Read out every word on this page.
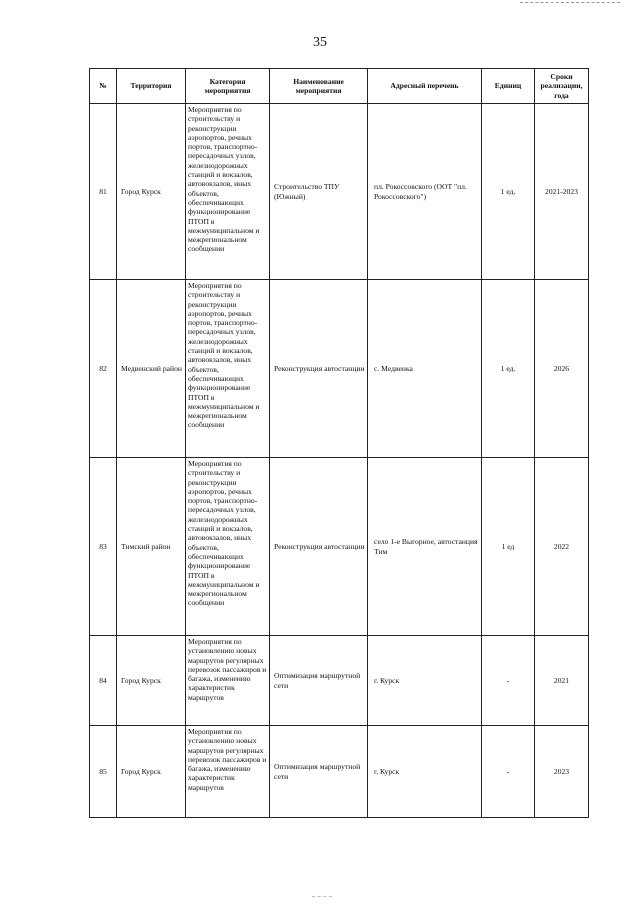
35
№	Территория	Категория мероприятия	Наименование мероприятия	Адресный перечень	Единиц	Сроки реализации, года
81	Город Курск	Мероприятия по строительству и реконструкции аэропортов, речных портов, транспортно-пересадочных узлов, железнодорожных станций и вокзалов, автовокзалов, иных объектов, обеспечивающих функционирование ПТОП в межмуниципальном и межрегиональном сообщении	Строительство ТПУ (Южный)	пл. Рокоссовского (ООТ "пл. Рокоссовского")	1 ед.	2021-2023
82	Медвенский район	Мероприятия по строительству и реконструкции аэропортов, речных портов, транспортно-пересадочных узлов, железнодорожных станций и вокзалов, автовокзалов, иных объектов, обеспечивающих функционирование ПТОП в межмуниципальном и межрегиональном сообщении	Реконструкция автостанции	с. Медвенка	1 ед.	2026
83	Тимский район	Мероприятия по строительству и реконструкции аэропортов, речных портов, транспортно-пересадочных узлов, железнодорожных станций и вокзалов, автовокзалов, иных объектов, обеспечивающих функционирование ПТОП в межмуниципальном и межрегиональном сообщении	Реконструкция автостанции	село 1-е Выгорное, автостанция Тим	1 ед	2022
84	Город Курск	Мероприятия по установлению новых маршрутов регулярных перевозок пассажиров и багажа, изменению характеристик маршрутов	Оптимизация маршрутной сети	г. Курск	-	2021
85	Город Курск	Мероприятия по установлению новых маршрутов регулярных перевозок пассажиров и багажа, изменению характеристик маршрутов	Оптимизация маршрутной сети	г. Курск	-	2023
